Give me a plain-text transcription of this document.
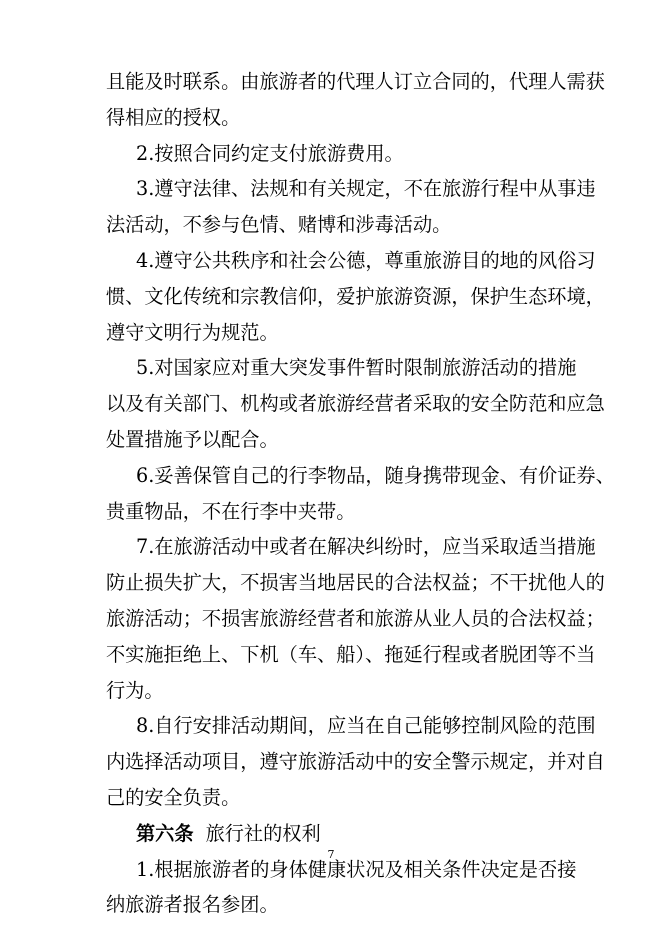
且能及时联系。由旅游者的代理人订立合同的，代理人需获
得相应的授权。
2.按照合同约定支付旅游费用。
3.遵守法律、法规和有关规定，不在旅游行程中从事违
法活动，不参与色情、赌博和涉毒活动。
4.遵守公共秩序和社会公德，尊重旅游目的地的风俗习
惯、文化传统和宗教信仰，爱护旅游资源，保护生态环境，
遵守文明行为规范。
5.对国家应对重大突发事件暂时限制旅游活动的措施
以及有关部门、机构或者旅游经营者采取的安全防范和应急
处置措施予以配合。
6.妥善保管自己的行李物品，随身携带现金、有价证券、
贵重物品，不在行李中夹带。
7.在旅游活动中或者在解决纠纷时，应当采取适当措施
防止损失扩大，不损害当地居民的合法权益；不干扰他人的
旅游活动；不损害旅游经营者和旅游从业人员的合法权益；
不实施拒绝上、下机（车、船）、拖延行程或者脱团等不当
行为。
8.自行安排活动期间，应当在自己能够控制风险的范围
内选择活动项目，遵守旅游活动中的安全警示规定，并对自
己的安全负责。
第六条 旅行社的权利
1.根据旅游者的身体健康状况及相关条件决定是否接
纳旅游者报名参团。
7
